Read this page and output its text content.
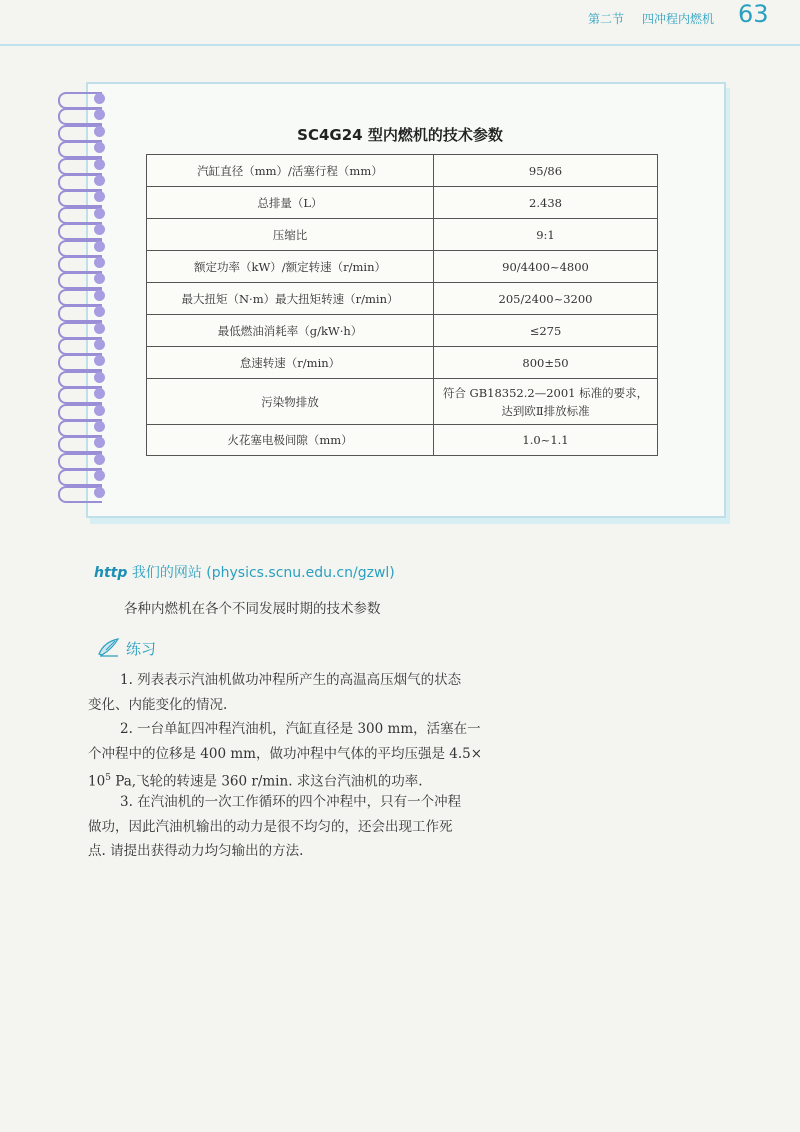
第二节 四冲程内燃机 63
SC4G24 型内燃机的技术参数
汽缸直径（mm）/活塞行程（mm）	95/86
总排量（L）	2.438
压缩比	9:1
额定功率（kW）/额定转速（r/min）	90/4400~4800
最大扭矩（N·m）最大扭矩转速（r/min）	205/2400~3200
最低燃油消耗率（g/kW·h）	≤275
怠速转速（r/min）	800±50
污染物排放	符合 GB18352.2—2001 标准的要求，
达到欧Ⅱ排放标准

火花塞电极间隙（mm）	1.0~1.1
http 我们的网站 (physics.scnu.edu.cn/gzwl)
各种内燃机在各个不同发展时期的技术参数
练习

1. 列表表示汽油机做功冲程所产生的高温高压烟气的状态

变化、内能变化的情况.

2. 一台单缸四冲程汽油机，汽缸直径是 300 mm，活塞在一

个冲程中的位移是 400 mm，做功冲程中气体的平均压强是 4.5×
$10^5$ Pa,飞轮的转速是 360 r/min. 求这台汽油机的功率.

3. 在汽油机的一次工作循环的四个冲程中，只有一个冲程

做功，因此汽油机输出的动力是很不均匀的，还会出现工作死
点. 请提出获得动力均匀输出的方法.
